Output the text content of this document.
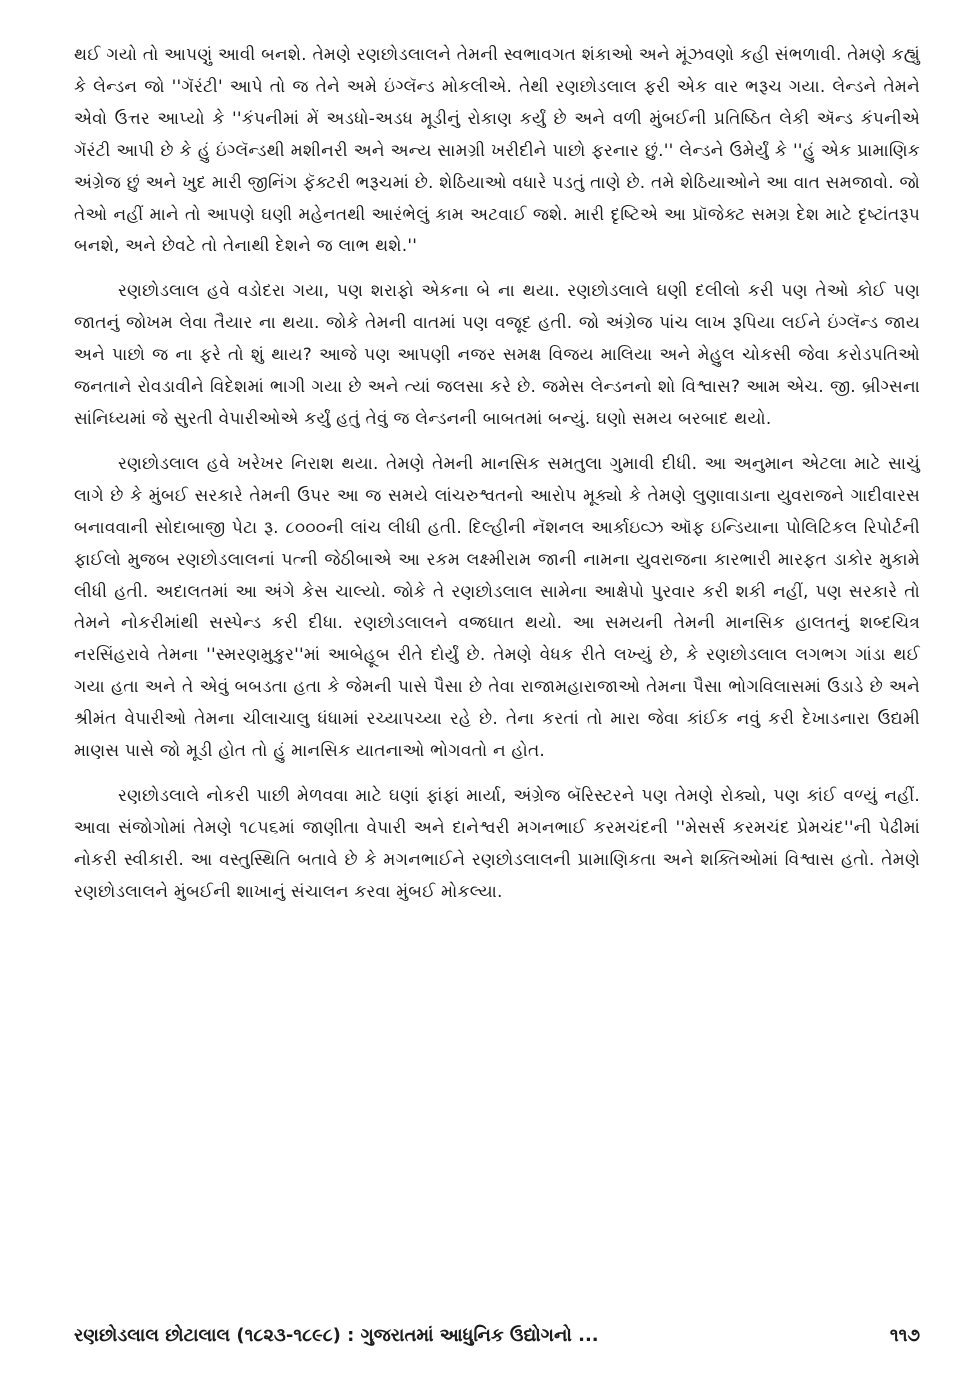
થઈ ગયો તો આપણું આવી બનશે. તેમણે રણછોડલાલને તેમની સ્વભાવગત શંકાઓ અને મૂંઝવણો કહી સંભળાવી. તેમણે કહ્યું કે લેન્ડન જો ''ગૅરંટી' આપે તો જ તેને અમે ઇંગ્લૅન્ડ મોકલીએ. તેથી રણછોડલાલ ફરી એક વાર ભરૂચ ગયા. લેન્ડને તેમને એવો ઉત્તર આપ્યો કે ''કંપનીમાં મેં અડધો-અડધ મૂડીનું રોકાણ કર્યું છે અને વળી મુંબઈની પ્રતિષ્ઠિત લેકી ઍન્ડ કંપનીએ ગૅરંટી આપી છે કે હું ઇંગ્લૅન્ડથી મશીનરી અને અન્ય સામગ્રી ખરીદીને પાછો ફરનાર છું.'' લેન્ડને ઉમેર્યું કે ''હું એક પ્રામાણિક અંગ્રેજ છું અને ખુદ મારી જીનિંગ ફૅક્ટરી ભરૂચમાં છે. શેઠિયાઓ વધારે પડતું તાણે છે. તમે શેઠિયાઓને આ વાત સમજાવો. જો તેઓ નહીં માને તો આપણે ઘણી મહેનતથી આરંભેલું કામ અટવાઈ જશે. મારી દૃષ્ટિએ આ પ્રૉજેક્ટ સમગ્ર દેશ માટે દૃષ્ટાંતરૂપ બનશે, અને છેવટે તો તેનાથી દેશને જ લાભ થશે.''

રણછોડલાલ હવે વડોદરા ગયા, પણ શરાફો એકના બે ના થયા. રણછોડલાલે ઘણી દલીલો કરી પણ તેઓ કોઈ પણ જાતનું જોખમ લેવા તૈયાર ના થયા. જોકે તેમની વાતમાં પણ વજૂદ હતી. જો અંગ્રેજ પાંચ લાખ રૂપિયા લઈને ઇંગ્લૅન્ડ જાય અને પાછો જ ના ફરે તો શું થાય? આજે પણ આપણી નજર સમક્ષ વિજય માલિયા અને મેહુલ ચોકસી જેવા કરોડપતિઓ જનતાને રોવડાવીને વિદેશમાં ભાગી ગયા છે અને ત્યાં જલસા કરે છે. જમેસ લેન્ડનનો શો વિશ્વાસ? આમ એચ. જી. બ્રીગ્સના સાંનિધ્યમાં જે સુરતી વેપારીઓએ કર્યું હતું તેવું જ લેન્ડનની બાબતમાં બન્યું. ઘણો સમય બરબાદ થયો.

રણછોડલાલ હવે ખરેખર નિરાશ થયા. તેમણે તેમની માનસિક સમતુલા ગુમાવી દીધી. આ અનુમાન એટલા માટે સાચું લાગે છે કે મુંબઈ સરકારે તેમની ઉપર આ જ સમયે લાંચરુશ્વતનો આરોપ મૂક્યો કે તેમણે લુણાવાડાના યુવરાજને ગાદીવારસ બનાવવાની સોદાબાજી પેટા રૂ. ૮૦૦૦ની લાંચ લીધી હતી. દિલ્હીની નૅશનલ આર્કાઇવ્ઝ ઑફ ઇન્ડિયાના પોલિટિકલ રિપોર્ટની ફાઈલો મુજબ રણછોડલાલનાં પત્ની જેઠીબાએ આ રકમ લક્ષ્મીરામ જાની નામના યુવરાજના કારભારી મારફત ડાકોર મુકામે લીધી હતી. અદાલતમાં આ અંગે કેસ ચાલ્યો. જોકે તે રણછોડલાલ સામેના આક્ષેપો પુરવાર કરી શકી નહીં, પણ સરકારે તો તેમને નોકરીમાંથી સસ્પેન્ડ કરી દીધા. રણછોડલાલને વજ્રઘાત થયો. આ સમયની તેમની માનસિક હાલતનું શબ્દચિત્ર નરસિંહરાવે તેમના ''સ્મરણમુકુર''માં આબેહૂબ રીતે દોર્યું છે. તેમણે વેધક રીતે લખ્યું છે, કે રણછોડલાલ લગભગ ગાંડા થઈ ગયા હતા અને તે એવું બબડતા હતા કે જેમની પાસે પૈસા છે તેવા રાજામહારાજાઓ તેમના પૈસા ભોગવિલાસમાં ઉડાડે છે અને શ્રીમંત વેપારીઓ તેમના ચીલાચાલુ ધંધામાં રચ્યાપચ્યા રહે છે. તેના કરતાં તો મારા જેવા કાંઈક નવું કરી દેખાડનારા ઉદ્યમી માણસ પાસે જો મૂડી હોત તો હું માનસિક યાતનાઓ ભોગવતો ન હોત.

રણછોડલાલે નોકરી પાછી મેળવવા માટે ઘણાં ફાંફાં માર્યા, અંગ્રેજ બૅરિસ્ટરને પણ તેમણે રોક્યો, પણ કાંઈ વળ્યું નહીં. આવા સંજોગોમાં તેમણે ૧૮૫૬માં જાણીતા વેપારી અને દાનેશ્વરી મગનભાઈ કરમચંદની ''મેસર્સ કરમચંદ પ્રેમચંદ''ની પેઢીમાં નોકરી સ્વીકારી. આ વસ્તુસ્થિતિ બતાવે છે કે મગનભાઈને રણછોડલાલની પ્રામાણિકતા અને શક્તિઓમાં વિશ્વાસ હતો. તેમણે રણછોડલાલને મુંબઈની શાખાનું સંચાલન કરવા મુંબઈ મોકલ્યા.

રણછોડલાલ છોટાલાલ (૧૮૨૩-૧૮૯૮) : ગુજરાતમાં આધુનિક ઉદ્યોગનો ...	૧૧૭
